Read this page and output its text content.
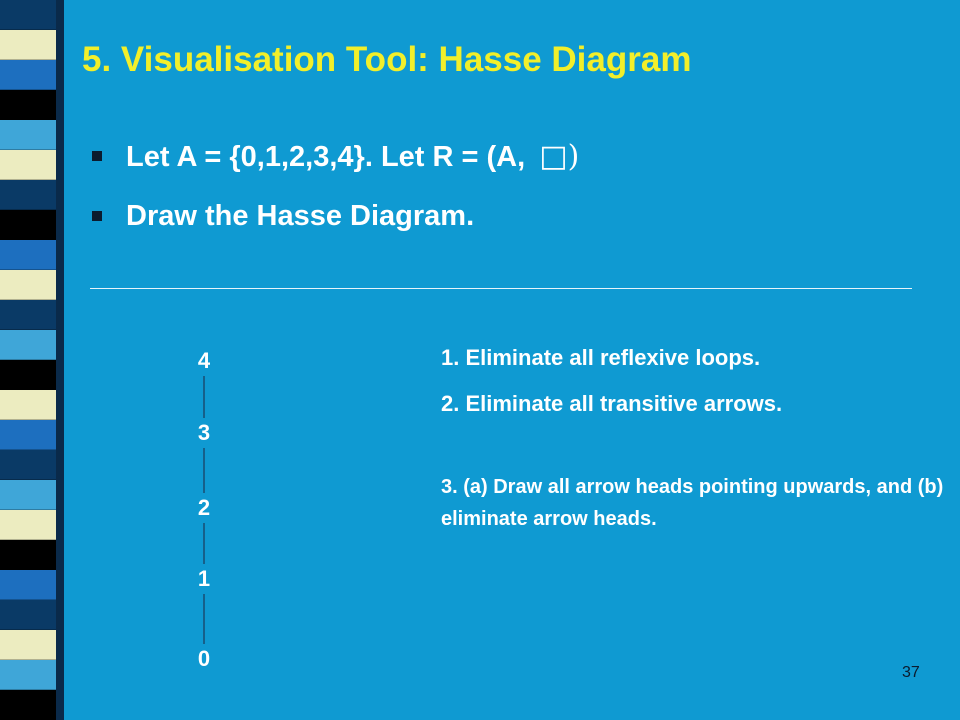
5. Visualisation Tool: Hasse Diagram
Let A = {0,1,2,3,4}. Let R = (A, □)
Draw the Hasse Diagram.
4
3
2
1
0

1. Eliminate all reflexive loops.

2. Eliminate all transitive arrows.

3. (a) Draw all arrow heads pointing upwards, and (b) eliminate arrow heads.

37
